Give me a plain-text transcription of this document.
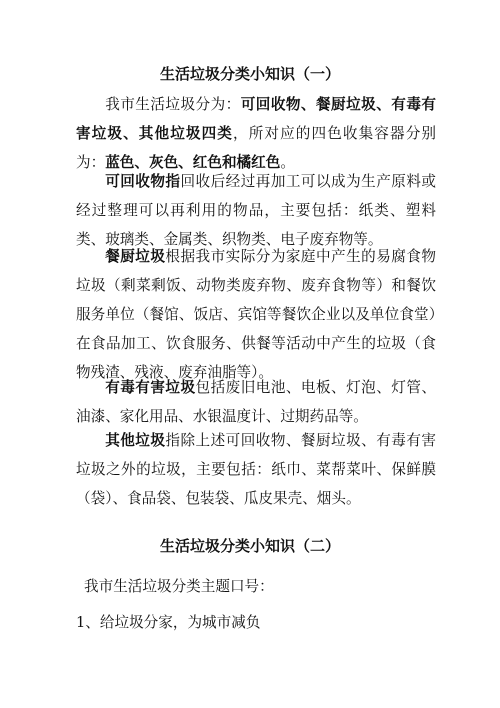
生活垃圾分类小知识（一）
我市生活垃圾分为：可回收物、餐厨垃圾、有毒有害垃圾、其他垃圾四类，所对应的四色收集容器分别为：蓝色、灰色、红色和橘红色。
可回收物指回收后经过再加工可以成为生产原料或经过整理可以再利用的物品，主要包括：纸类、塑料类、玻璃类、金属类、织物类、电子废弃物等。
餐厨垃圾根据我市实际分为家庭中产生的易腐食物垃圾（剩菜剩饭、动物类废弃物、废弃食物等）和餐饮服务单位（餐馆、饭店、宾馆等餐饮企业以及单位食堂）在食品加工、饮食服务、供餐等活动中产生的垃圾（食物残渣、残液、废弃油脂等）。
有毒有害垃圾包括废旧电池、电板、灯泡、灯管、油漆、家化用品、水银温度计、过期药品等。
其他垃圾指除上述可回收物、餐厨垃圾、有毒有害垃圾之外的垃圾，主要包括：纸巾、菜帮菜叶、保鲜膜（袋）、食品袋、包装袋、瓜皮果壳、烟头。
生活垃圾分类小知识（二）
我市生活垃圾分类主题口号：
1、给垃圾分家，为城市减负
